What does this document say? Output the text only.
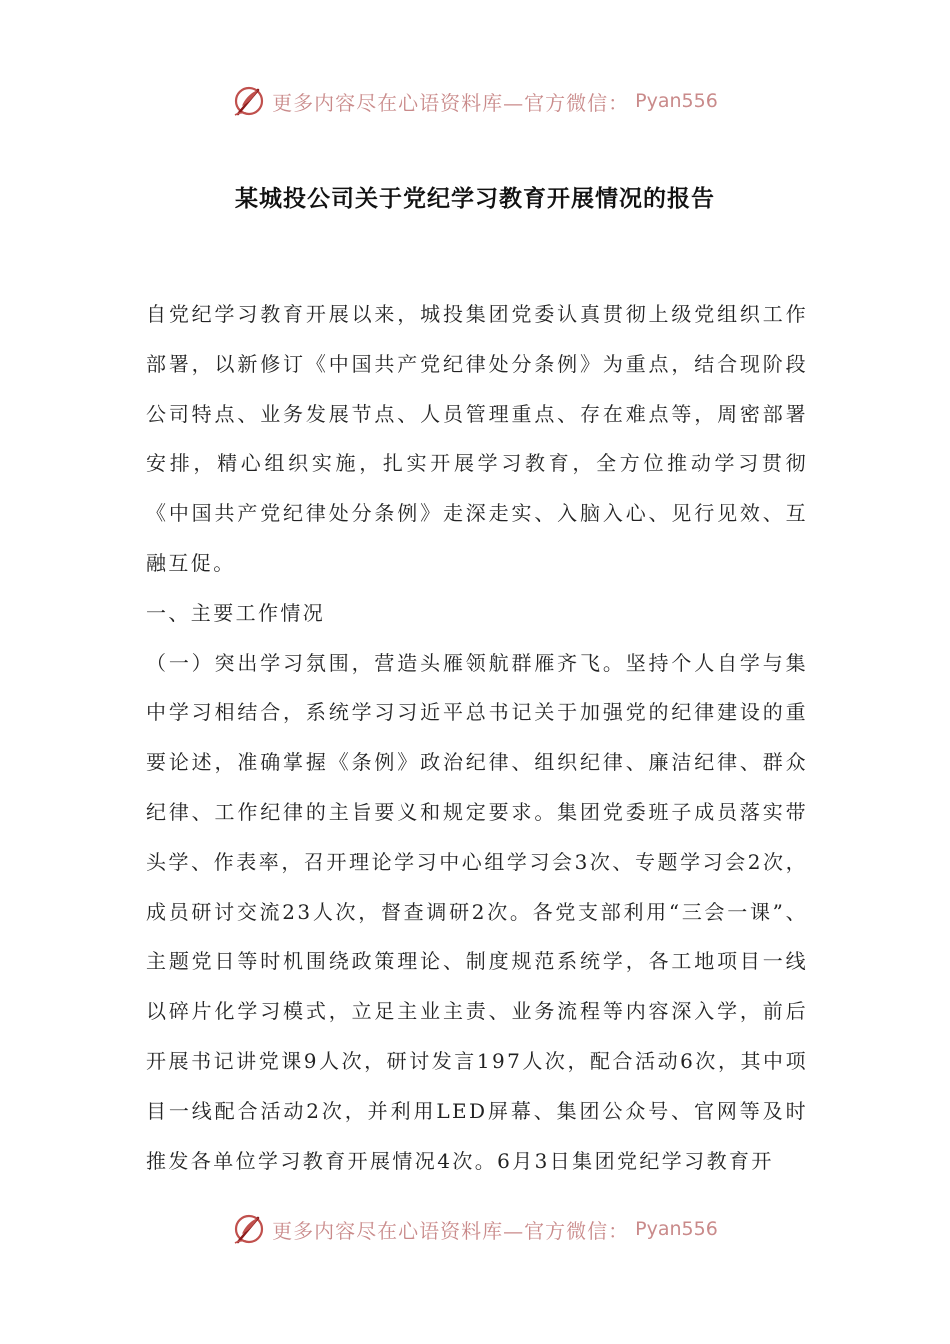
更多内容尽在心语资料库—官方微信： Pyan556
某城投公司关于党纪学习教育开展情况的报告

自党纪学习教育开展以来，城投集团党委认真贯彻上级党组织工作部署，以新修订《中国共产党纪律处分条例》为重点，结合现阶段公司特点、业务发展节点、人员管理重点、存在难点等，周密部署安排，精心组织实施，扎实开展学习教育，全方位推动学习贯彻《中国共产党纪律处分条例》走深走实、入脑入心、见行见效、互融互促。

一、主要工作情况

（一）突出学习氛围，营造头雁领航群雁齐飞。坚持个人自学与集中学习相结合，系统学习习近平总书记关于加强党的纪律建设的重要论述，准确掌握《条例》政治纪律、组织纪律、廉洁纪律、群众纪律、工作纪律的主旨要义和规定要求。集团党委班子成员落实带头学、作表率，召开理论学习中心组学习会3次、专题学习会2次，成员研讨交流23人次，督查调研2次。各党支部利用“三会一课”、主题党日等时机围绕政策理论、制度规范系统学，各工地项目一线以碎片化学习模式，立足主业主责、业务流程等内容深入学，前后开展书记讲党课9人次，研讨发言197人次，配合活动6次，其中项目一线配合活动2次，并利用LED屏幕、集团公众号、官网等及时推发各单位学习教育开展情况4次。6月3日集团党纪学习教育开

更多内容尽在心语资料库—官方微信： Pyan556
